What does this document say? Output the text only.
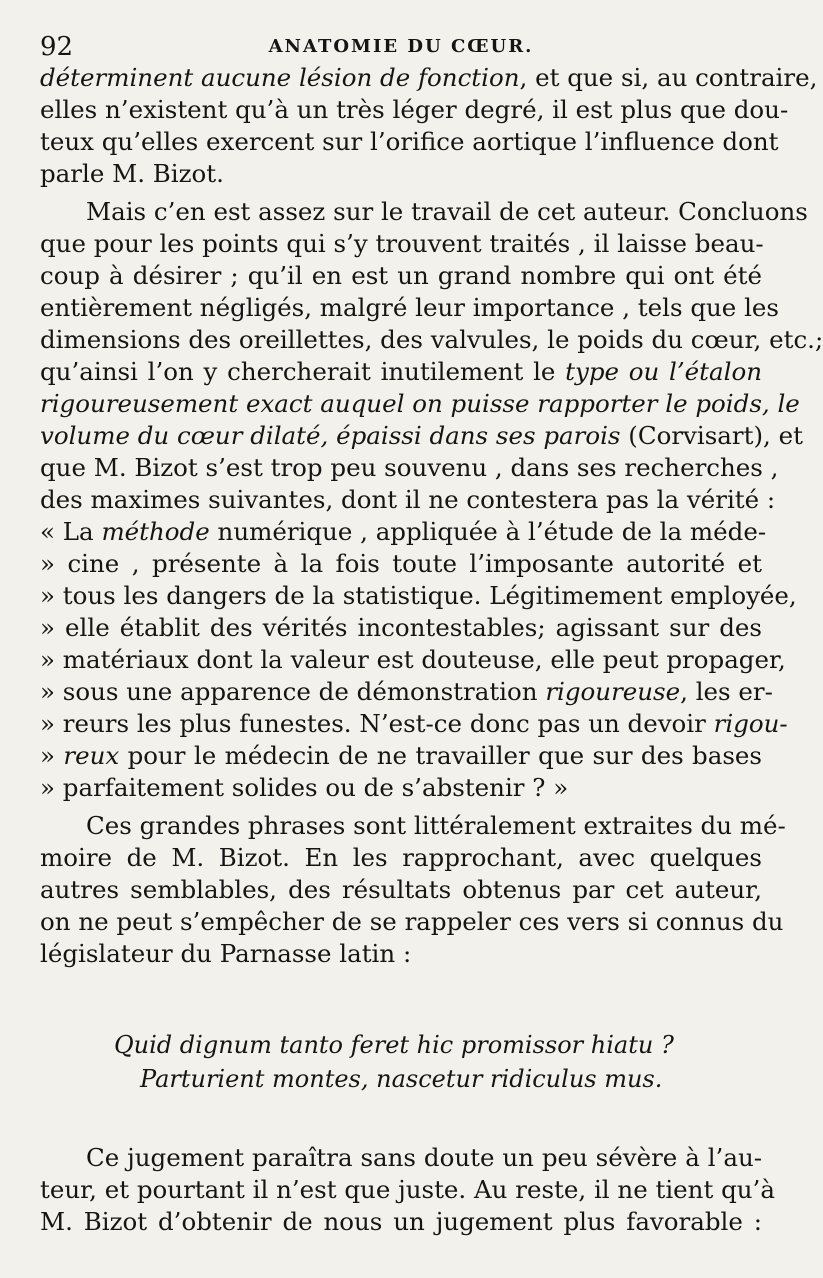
92	ANATOMIE DU CŒUR.
déterminent aucune lésion de fonction, et que si, au contraire,
elles n’existent qu’à un très léger degré, il est plus que dou-
teux qu’elles exercent sur l’orifice aortique l’influence dont
parle M. Bizot.
Mais c’en est assez sur le travail de cet auteur. Concluons
que pour les points qui s’y trouvent traités , il laisse beau-
coup à désirer ; qu’il en est un grand nombre qui ont été
entièrement négligés, malgré leur importance , tels que les
dimensions des oreillettes, des valvules, le poids du cœur, etc.;
qu’ainsi l’on y chercherait inutilement le type ou l’étalon
rigoureusement exact auquel on puisse rapporter le poids, le
volume du cœur dilaté, épaissi dans ses parois (Corvisart), et
que M. Bizot s’est trop peu souvenu , dans ses recherches ,
des maximes suivantes, dont il ne contestera pas la vérité :
« La méthode numérique , appliquée à l’étude de la méde-
» cine , présente à la fois toute l’imposante autorité et
» tous les dangers de la statistique. Légitimement employée,
» elle établit des vérités incontestables; agissant sur des
» matériaux dont la valeur est douteuse, elle peut propager,
» sous une apparence de démonstration rigoureuse, les er-
» reurs les plus funestes. N’est-ce donc pas un devoir rigou-
» reux pour le médecin de ne travailler que sur des bases
» parfaitement solides ou de s’abstenir ? »
Ces grandes phrases sont littéralement extraites du mé-
moire de M. Bizot. En les rapprochant, avec quelques
autres semblables, des résultats obtenus par cet auteur,
on ne peut s’empêcher de se rappeler ces vers si connus du
législateur du Parnasse latin :
Quid dignum tanto feret hic promissor hiatu ?
Parturient montes, nascetur ridiculus mus.
Ce jugement paraîtra sans doute un peu sévère à l’au-
teur, et pourtant il n’est que juste. Au reste, il ne tient qu’à
M. Bizot d’obtenir de nous un jugement plus favorable :
